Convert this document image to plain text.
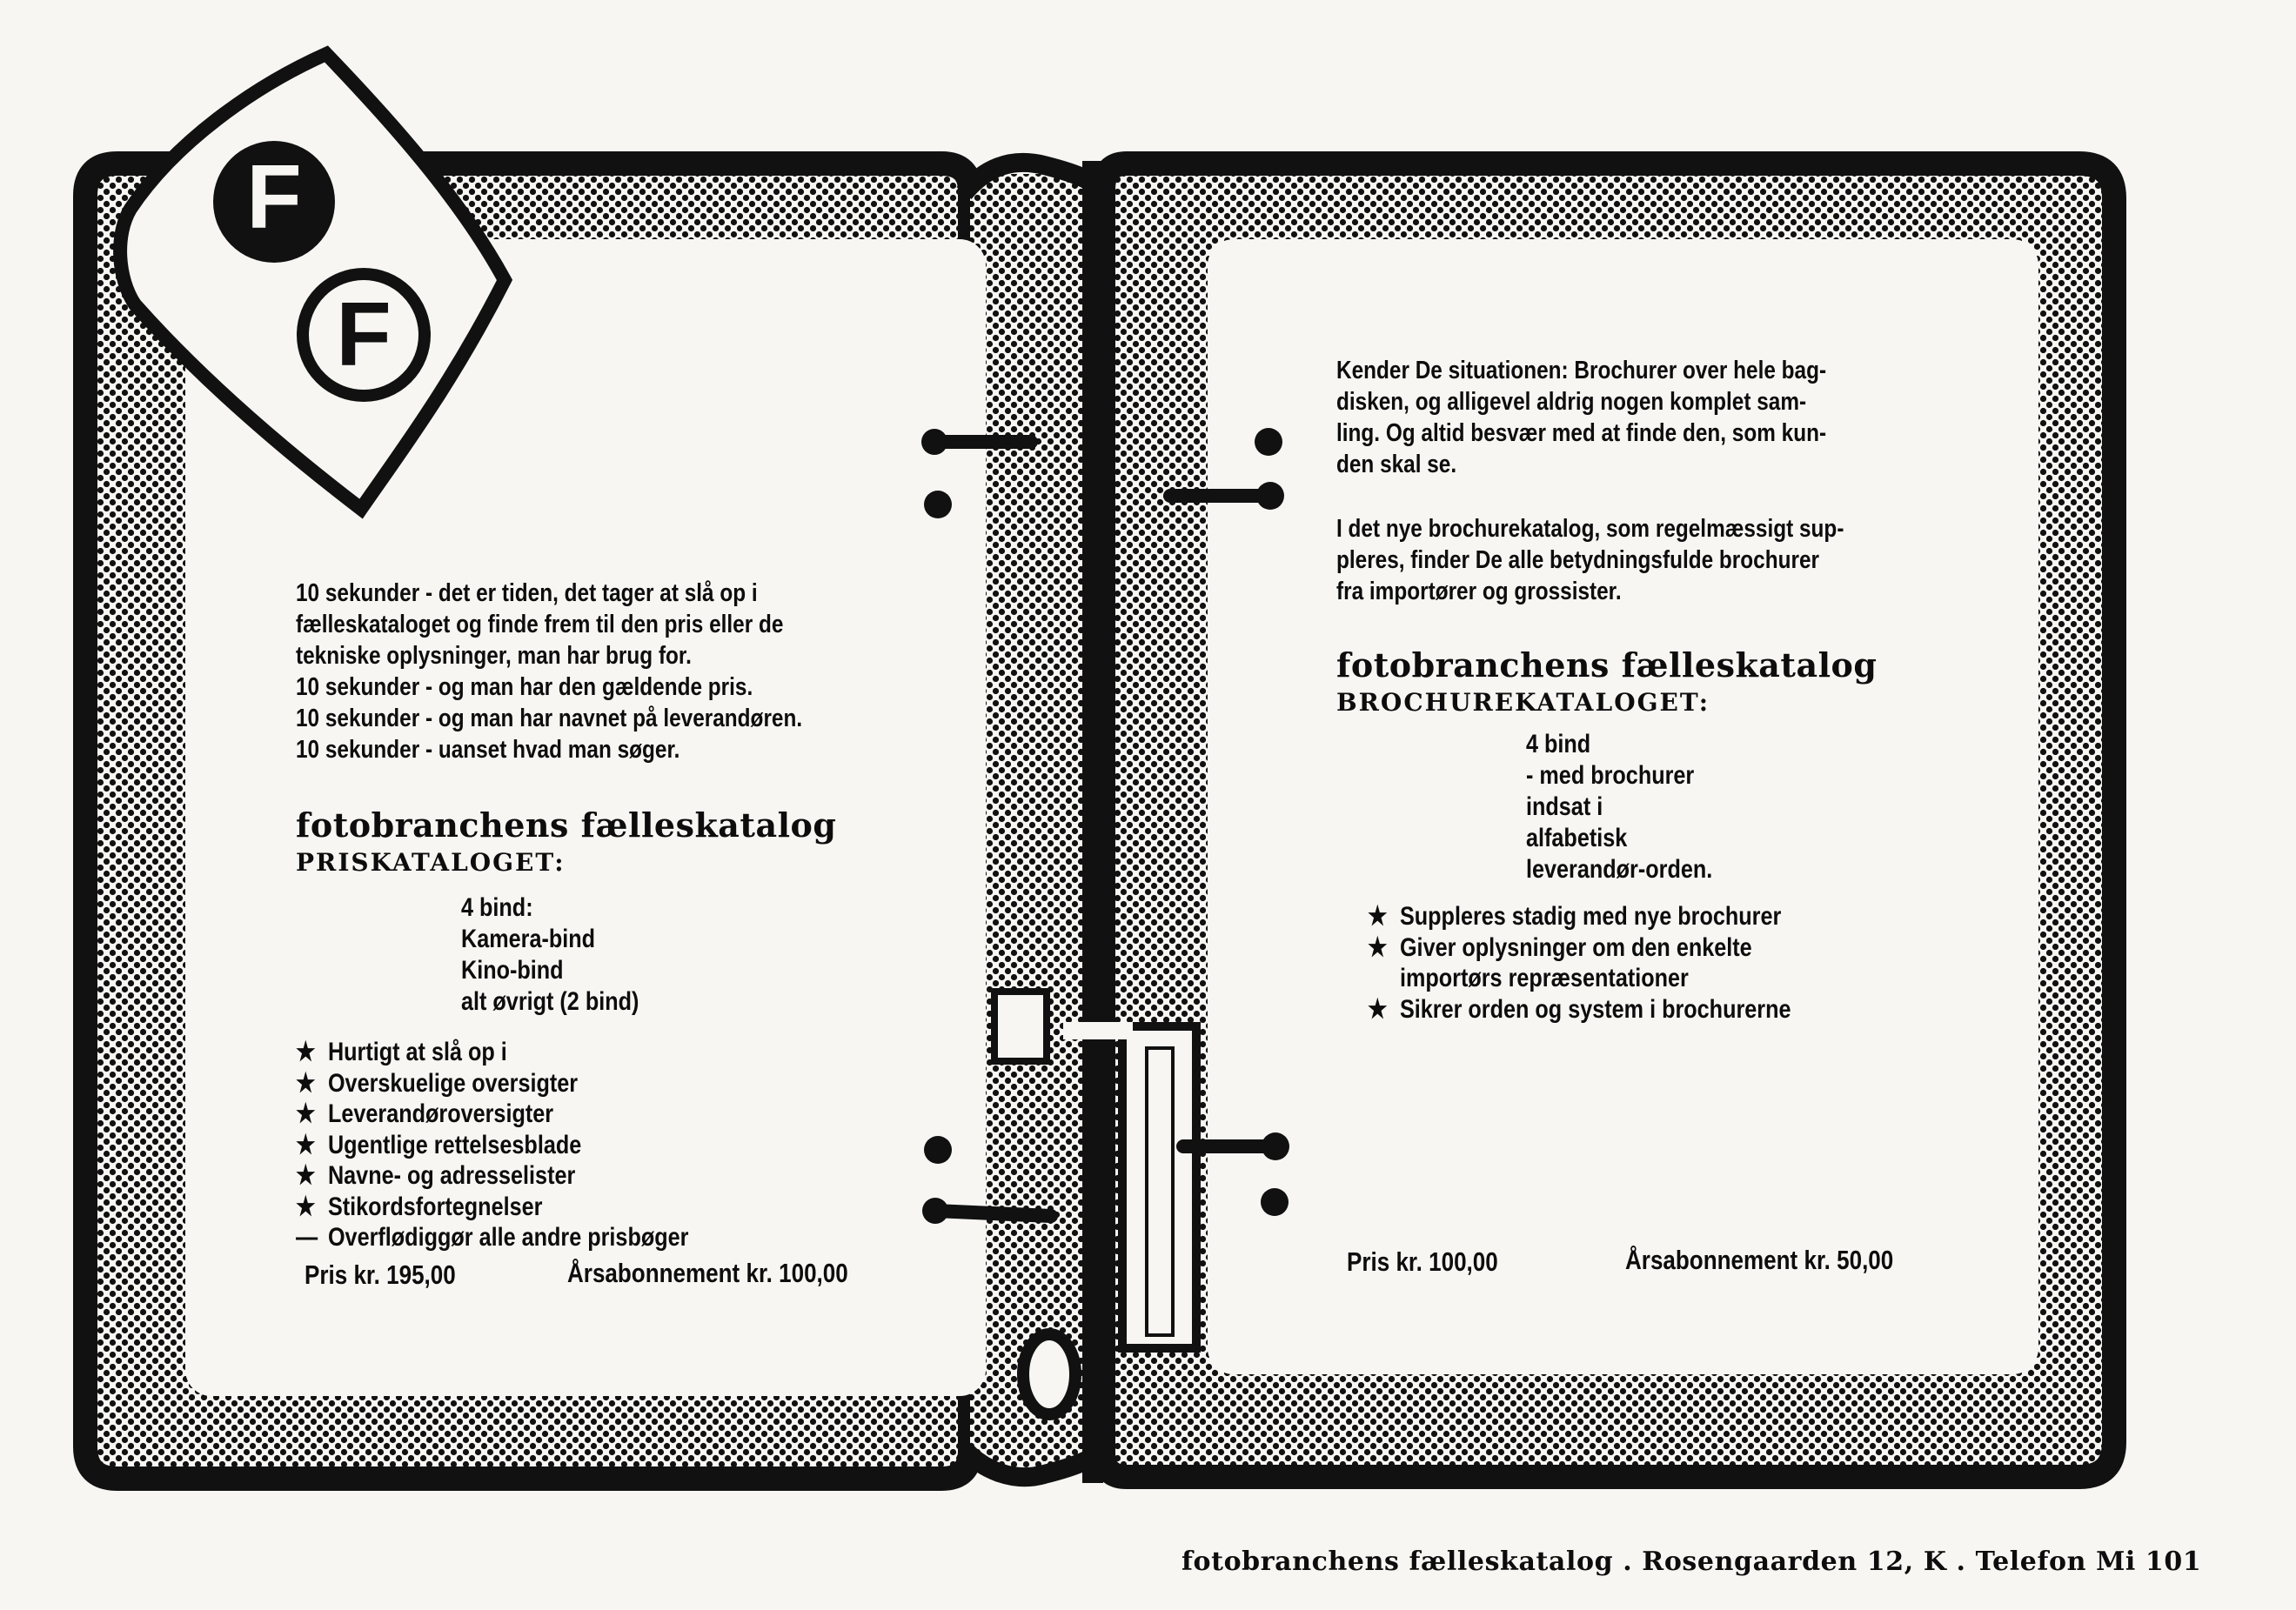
F
F

10 sekunder - det er tiden, det tager at slå op i

fælleskataloget og finde frem til den pris eller de

tekniske oplysninger, man har brug for.

10 sekunder - og man har den gældende pris.

10 sekunder - og man har navnet på leverandøren.

10 sekunder - uanset hvad man søger.

fotobranchens fælleskatalog

PRISKATALOGET:

4 bind:
Kamera-bind
Kino-bind
alt øvrigt (2 bind)
★ Hurtigt at slå op i
★ Overskuelige oversigter
★ Leverandøroversigter
★ Ugentlige rettelsesblade
★ Navne- og adresselister
★ Stikordsfortegnelser
— Overflødiggør alle andre prisbøger
Pris kr. 195,00	Årsabonnement kr. 100,00

Kender De situationen: Brochurer over hele bag-

disken, og alligevel aldrig nogen komplet sam-

ling. Og altid besvær med at finde den, som kun-

den skal se.

I det nye brochurekatalog, som regelmæssigt sup-

pleres, finder De alle betydningsfulde brochurer

fra importører og grossister.

fotobranchens fælleskatalog

BROCHUREKATALOGET:

4 bind
- med brochurer
indsat i
alfabetisk
leverandør-orden.
★ Suppleres stadig med nye brochurer
★ Giver oplysninger om den enkelte
importørs repræsentationer
★ Sikrer orden og system i brochurerne
Pris kr. 100,00	Årsabonnement kr. 50,00
fotobranchens fælleskatalog . Rosengaarden 12, K . Telefon Mi 101
